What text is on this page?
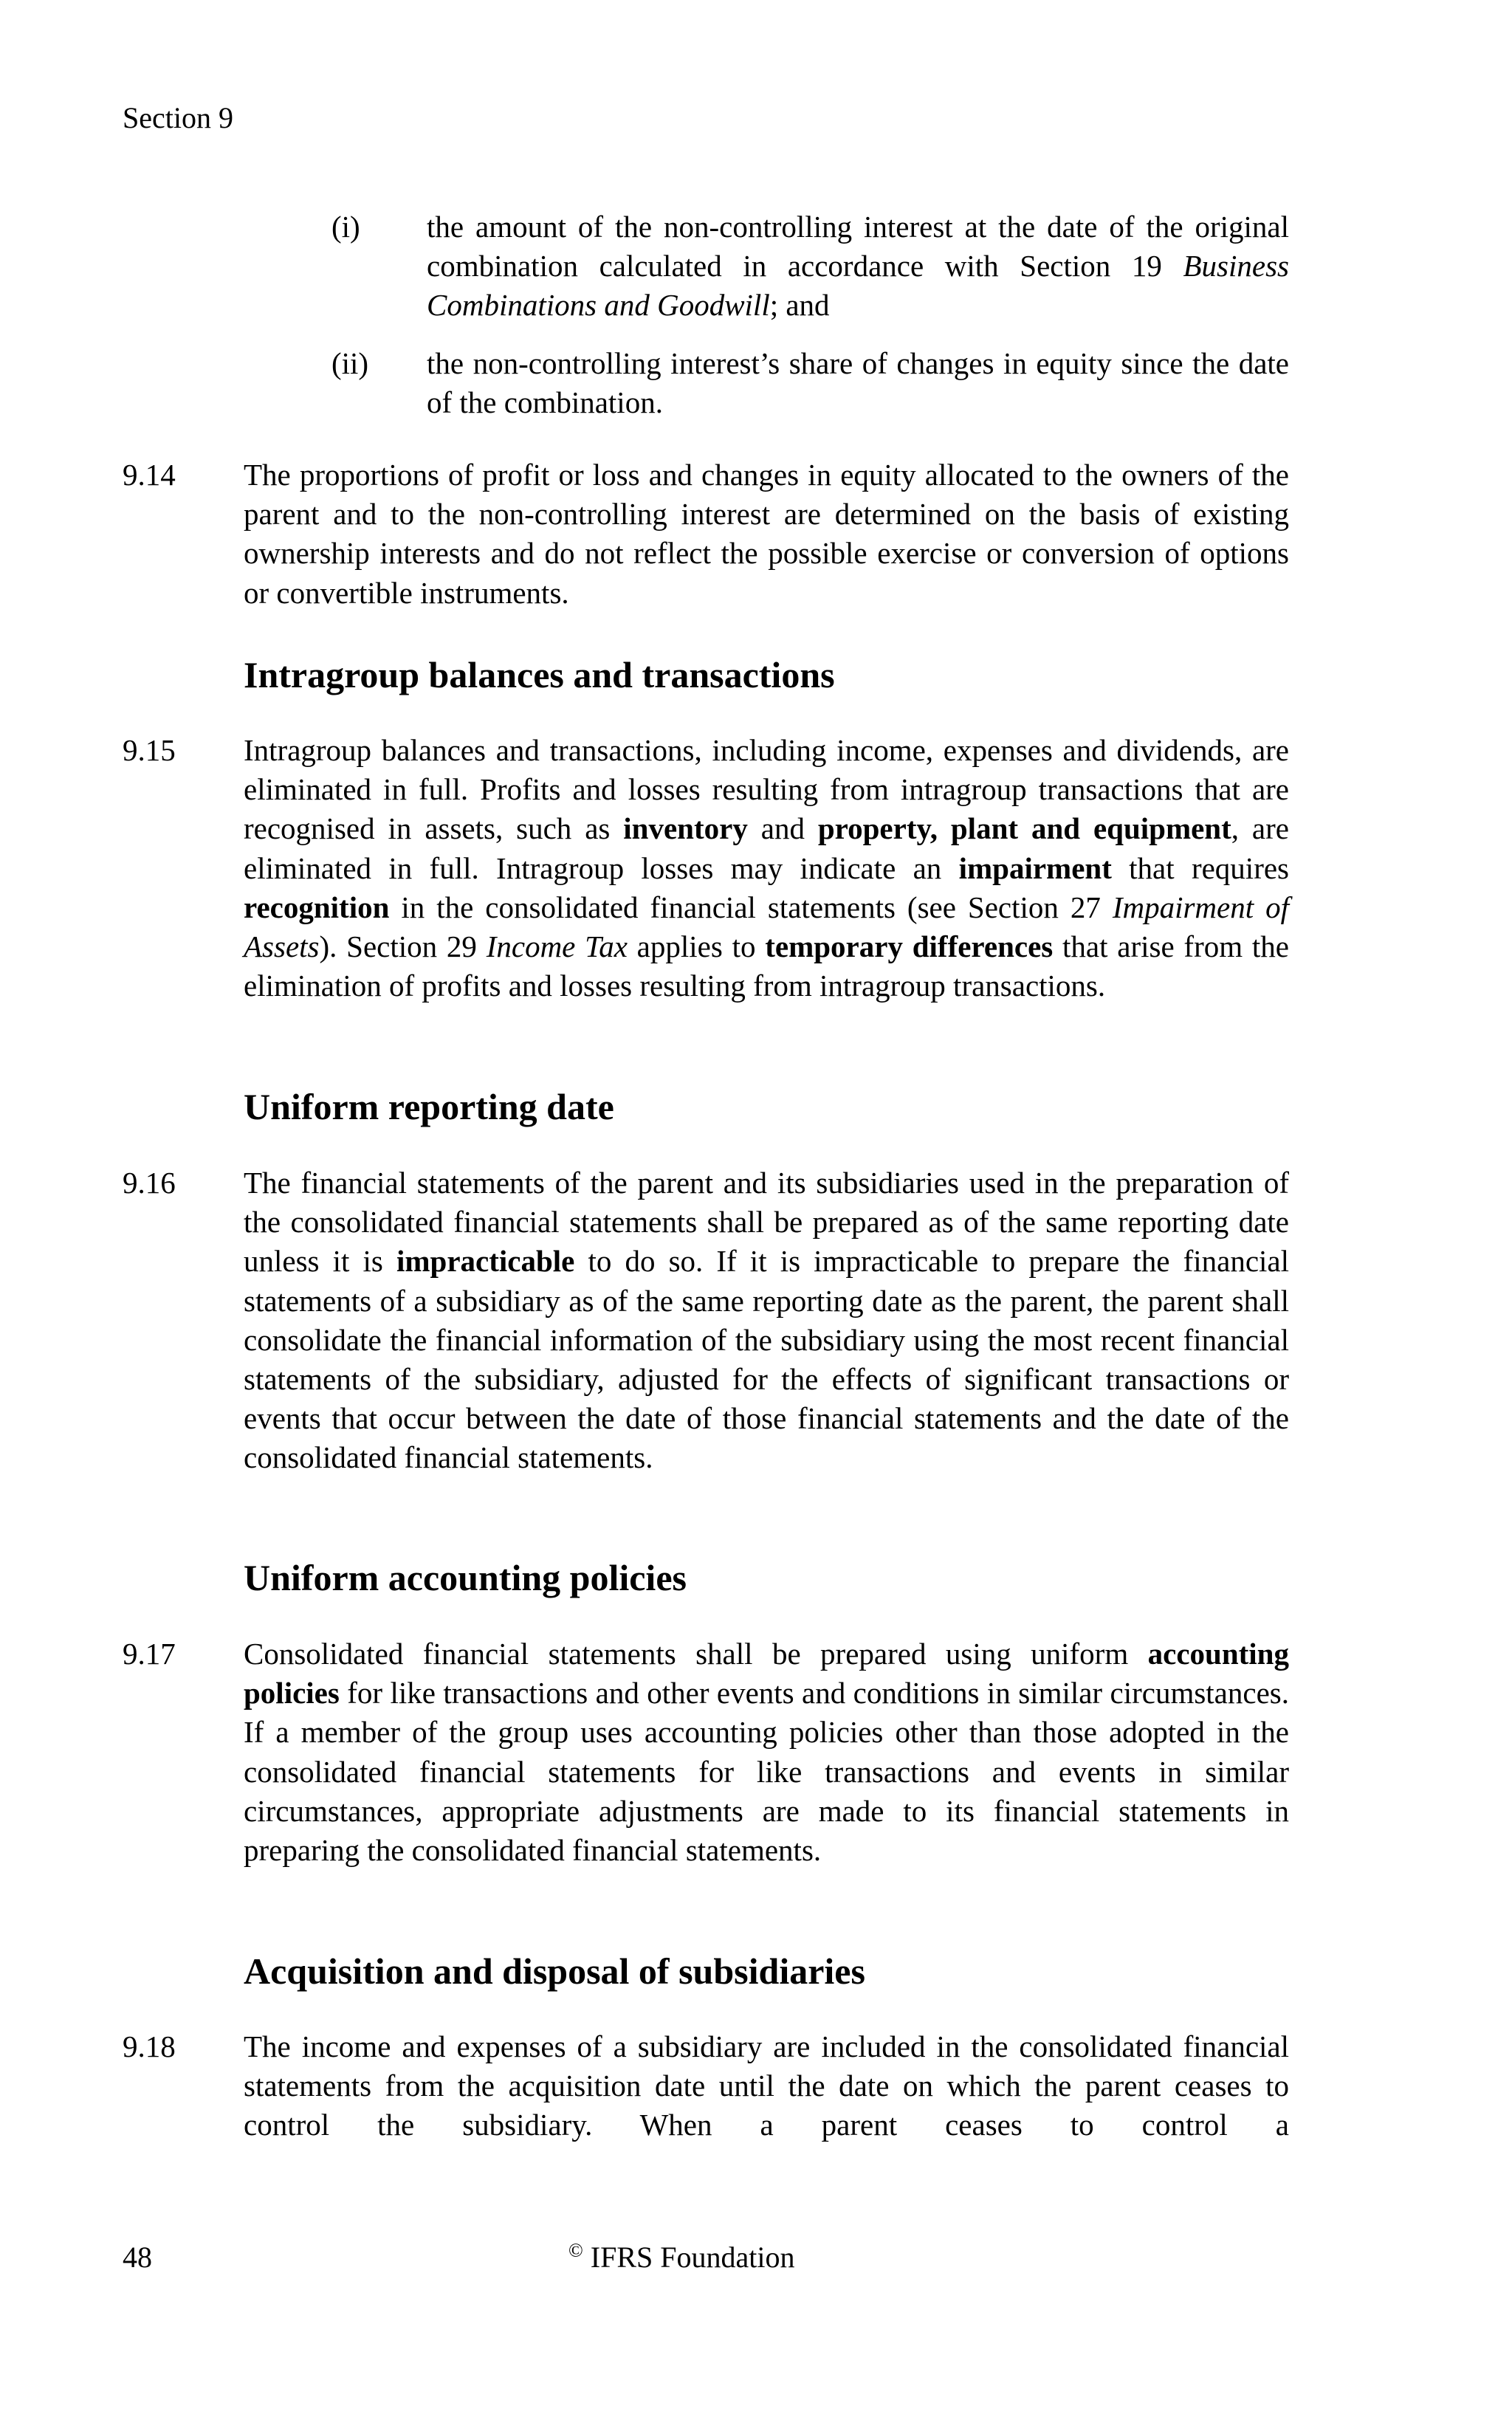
Section 9
(i) the amount of the non-controlling interest at the date of the original combination calculated in accordance with Section 19 Business Combinations and Goodwill; and

(ii) the non-controlling interest’s share of changes in equity since the date of the combination.

9.14 The proportions of profit or loss and changes in equity allocated to the owners of the parent and to the non-controlling interest are determined on the basis of existing ownership interests and do not reflect the possible exercise or conversion of options or convertible instruments.

Intragroup balances and transactions
9.15 Intragroup balances and transactions, including income, expenses and dividends, are eliminated in full. Profits and losses resulting from intragroup transactions that are recognised in assets, such as inventory and property, plant and equipment, are eliminated in full. Intragroup losses may indicate an impairment that requires recognition in the consolidated financial statements (see Section 27 Impairment of Assets). Section 29 Income Tax applies to temporary differences that arise from the elimination of profits and losses resulting from intragroup transactions.

Uniform reporting date
9.16 The financial statements of the parent and its subsidiaries used in the preparation of the consolidated financial statements shall be prepared as of the same reporting date unless it is impracticable to do so. If it is impracticable to prepare the financial statements of a subsidiary as of the same reporting date as the parent, the parent shall consolidate the financial information of the subsidiary using the most recent financial statements of the subsidiary, adjusted for the effects of significant transactions or events that occur between the date of those financial statements and the date of the consolidated financial statements.

Uniform accounting policies
9.17 Consolidated financial statements shall be prepared using uniform accounting policies for like transactions and other events and conditions in similar circumstances. If a member of the group uses accounting policies other than those adopted in the consolidated financial statements for like transactions and events in similar circumstances, appropriate adjustments are made to its financial statements in preparing the consolidated financial statements.

Acquisition and disposal of subsidiaries
9.18 The income and expenses of a subsidiary are included in the consolidated financial statements from the acquisition date until the date on which the parent ceases to control the subsidiary. When a parent ceases to control a

48	© IFRS Foundation
